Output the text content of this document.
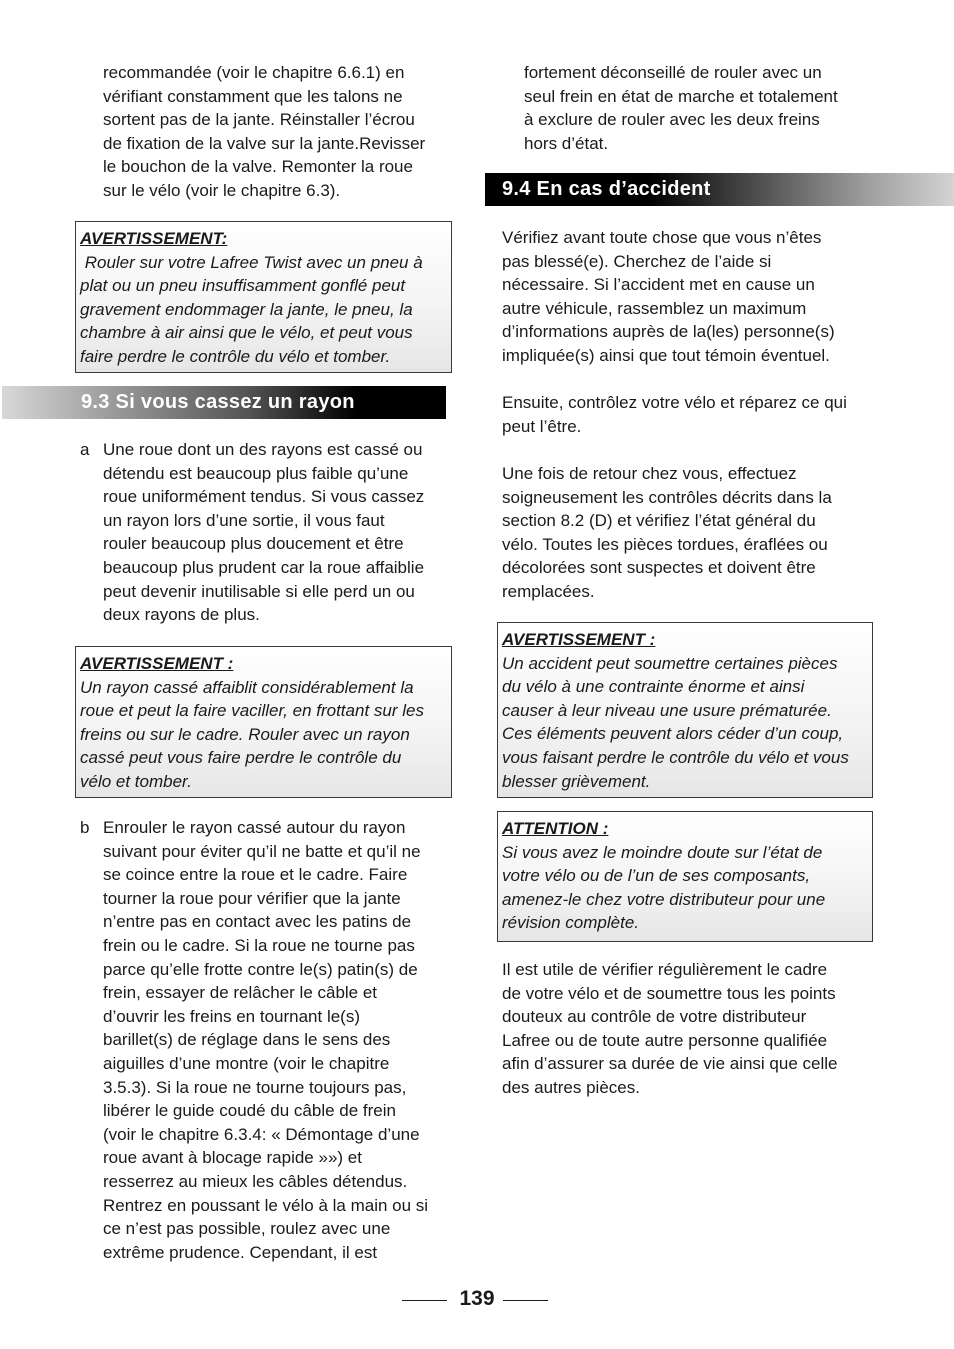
recommandée (voir le chapitre 6.6.1) en
vérifiant constamment que les talons ne
sortent pas de la jante. Réinstaller l’écrou
de fixation de la valve sur la jante.Revisser
le bouchon de la valve. Remonter la roue
sur le vélo (voir le chapitre 6.3).
AVERTISSEMENT:
Rouler sur votre Lafree Twist avec un pneu à
plat ou un pneu insuffisamment gonflé peut
gravement endommager la jante, le pneu, la
chambre à air ainsi que le vélo, et peut vous
faire perdre le contrôle du vélo et tomber.
9.3 Si vous cassez un rayon
a Une roue dont un des rayons est cassé ou
détendu est beaucoup plus faible qu’une
roue uniformément tendus. Si vous cassez
un rayon lors d’une sortie, il vous faut
rouler beaucoup plus doucement et être
beaucoup plus prudent car la roue affaiblie
peut devenir inutilisable si elle perd un ou
deux rayons de plus.
AVERTISSEMENT :
Un rayon cassé affaiblit considérablement la
roue et peut la faire vaciller, en frottant sur les
freins ou sur le cadre. Rouler avec un rayon
cassé peut vous faire perdre le contrôle du
vélo et tomber.
b Enrouler le rayon cassé autour du rayon
suivant pour éviter qu’il ne batte et qu’il ne
se coince entre la roue et le cadre. Faire
tourner la roue pour vérifier que la jante
n’entre pas en contact avec les patins de
frein ou le cadre. Si la roue ne tourne pas
parce qu’elle frotte contre le(s) patin(s) de
frein, essayer de relâcher le câble et
d’ouvrir les freins en tournant le(s)
barillet(s) de réglage dans le sens des
aiguilles d’une montre (voir le chapitre
3.5.3). Si la roue ne tourne toujours pas,
libérer le guide coudé du câble de frein
(voir le chapitre 6.3.4: « Démontage d’une
roue avant à blocage rapide »») et
resserrez au mieux les câbles détendus.
Rentrez en poussant le vélo à la main ou si
ce n’est pas possible, roulez avec une
extrême prudence. Cependant, il est
fortement déconseillé de rouler avec un
seul frein en état de marche et totalement
à exclure de rouler avec les deux freins
hors d’état.
9.4 En cas d’accident
Vérifiez avant toute chose que vous n’êtes
pas blessé(e). Cherchez de l’aide si
nécessaire. Si l’accident met en cause un
autre véhicule, rassemblez un maximum
d’informations auprès de la(les) personne(s)
impliquée(s) ainsi que tout témoin éventuel.
Ensuite, contrôlez votre vélo et réparez ce qui
peut l’être.
Une fois de retour chez vous, effectuez
soigneusement les contrôles décrits dans la
section 8.2 (D) et vérifiez l’état général du
vélo. Toutes les pièces tordues, éraflées ou
décolorées sont suspectes et doivent être
remplacées.
AVERTISSEMENT :
Un accident peut soumettre certaines pièces
du vélo à une contrainte énorme et ainsi
causer à leur niveau une usure prématurée.
Ces éléments peuvent alors céder d’un coup,
vous faisant perdre le contrôle du vélo et vous
blesser grièvement.
ATTENTION :
Si vous avez le moindre doute sur l’état de
votre vélo ou de l’un de ses composants,
amenez-le chez votre distributeur pour une
révision complète.
Il est utile de vérifier régulièrement le cadre
de votre vélo et de soumettre tous les points
douteux au contrôle de votre distributeur
Lafree ou de toute autre personne qualifiée
afin d’assurer sa durée de vie ainsi que celle
des autres pièces.
139
